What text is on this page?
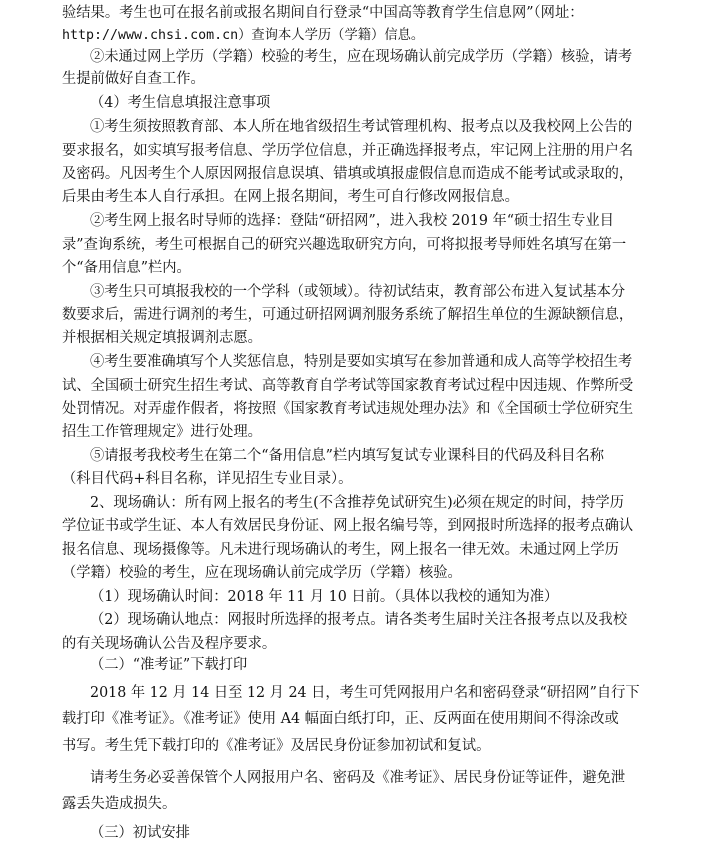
验结果。考生也可在报名前或报名期间自行登录“中国高等教育学生信息网”（网址：
http://www.chsi.com.cn）查询本人学历（学籍）信息。
②未通过网上学历（学籍）校验的考生，应在现场确认前完成学历（学籍）核验，请考
生提前做好自查工作。
（4）考生信息填报注意事项
①考生须按照教育部、本人所在地省级招生考试管理机构、报考点以及我校网上公告的
要求报名，如实填写报考信息、学历学位信息，并正确选择报考点，牢记网上注册的用户名
及密码。凡因考生个人原因网报信息误填、错填或填报虚假信息而造成不能考试或录取的，
后果由考生本人自行承担。在网上报名期间，考生可自行修改网报信息。
②考生网上报名时导师的选择：登陆“研招网”，进入我校 2019 年“硕士招生专业目
录”查询系统，考生可根据自己的研究兴趣选取研究方向，可将拟报考导师姓名填写在第一
个“备用信息”栏内。
③考生只可填报我校的一个学科（或领域）。待初试结束，教育部公布进入复试基本分
数要求后，需进行调剂的考生，可通过研招网调剂服务系统了解招生单位的生源缺额信息，
并根据相关规定填报调剂志愿。
④考生要准确填写个人奖惩信息，特别是要如实填写在参加普通和成人高等学校招生考
试、全国硕士研究生招生考试、高等教育自学考试等国家教育考试过程中因违规、作弊所受
处罚情况。对弄虚作假者，将按照《国家教育考试违规处理办法》和《全国硕士学位研究生
招生工作管理规定》进行处理。
⑤请报考我校考生在第二个“备用信息”栏内填写复试专业课科目的代码及科目名称
（科目代码+科目名称，详见招生专业目录）。
2、现场确认：所有网上报名的考生(不含推荐免试研究生)必须在规定的时间，持学历
学位证书或学生证、本人有效居民身份证、网上报名编号等，到网报时所选择的报考点确认
报名信息、现场摄像等。凡未进行现场确认的考生，网上报名一律无效。未通过网上学历
（学籍）校验的考生，应在现场确认前完成学历（学籍）核验。
（1）现场确认时间：2018 年 11 月 10 日前。（具体以我校的通知为准）
（2）现场确认地点：网报时所选择的报考点。请各类考生届时关注各报考点以及我校
的有关现场确认公告及程序要求。
（二）“准考证”下载打印
2018 年 12 月 14 日至 12 月 24 日，考生可凭网报用户名和密码登录“研招网”自行下
载打印《准考证》。《准考证》使用 A4 幅面白纸打印，正、反两面在使用期间不得涂改或
书写。考生凭下载打印的《准考证》及居民身份证参加初试和复试。
请考生务必妥善保管个人网报用户名、密码及《准考证》、居民身份证等证件，避免泄
露丢失造成损失。
（三）初试安排
